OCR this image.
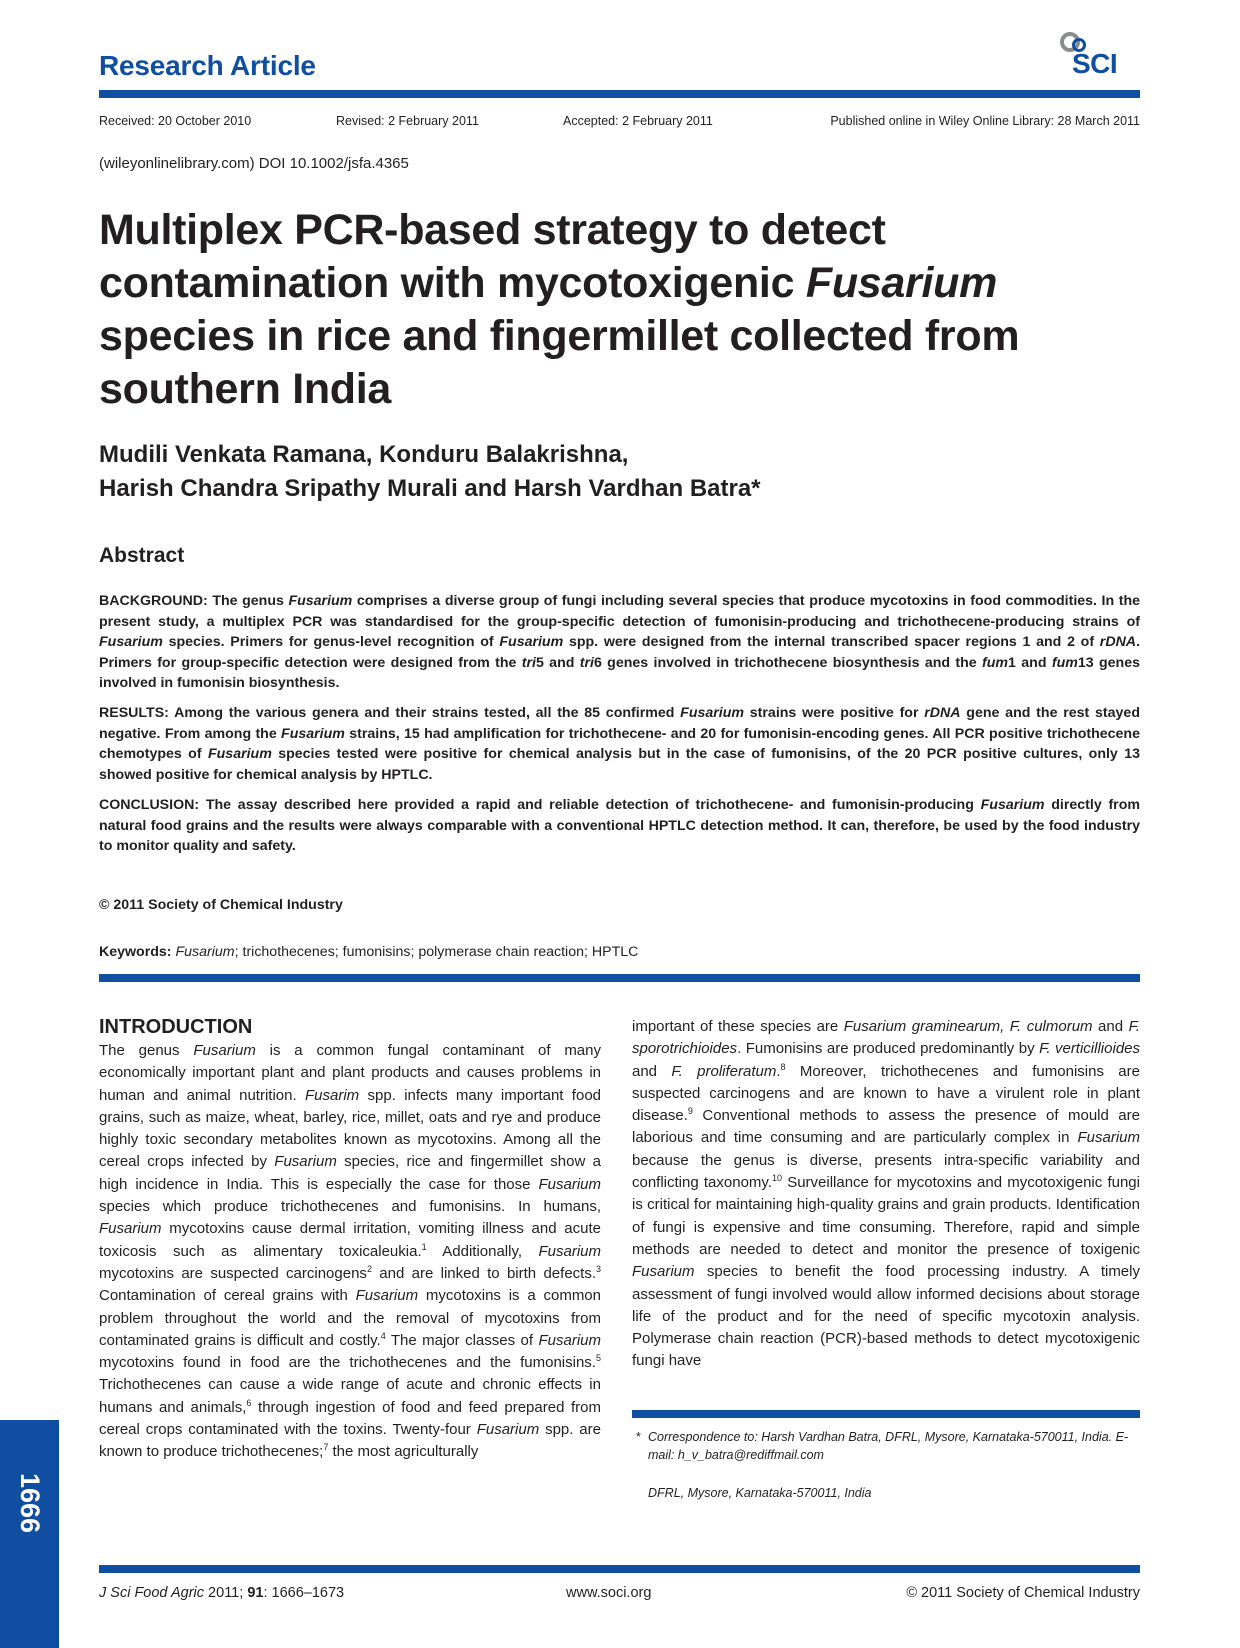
Research Article	SCI
Received: 20 October 2010	Revised: 2 February 2011	Accepted: 2 February 2011	Published online in Wiley Online Library: 28 March 2011
(wileyonlinelibrary.com) DOI 10.1002/jsfa.4365
Multiplex PCR-based strategy to detect contamination with mycotoxigenic Fusarium species in rice and fingermillet collected from southern India
Mudili Venkata Ramana, Konduru Balakrishna,
Harish Chandra Sripathy Murali and Harsh Vardhan Batra*
Abstract
BACKGROUND: The genus Fusarium comprises a diverse group of fungi including several species that produce mycotoxins in food commodities. In the present study, a multiplex PCR was standardised for the group-specific detection of fumonisin-producing and trichothecene-producing strains of Fusarium species. Primers for genus-level recognition of Fusarium spp. were designed from the internal transcribed spacer regions 1 and 2 of rDNA. Primers for group-specific detection were designed from the tri5 and tri6 genes involved in trichothecene biosynthesis and the fum1 and fum13 genes involved in fumonisin biosynthesis.
RESULTS: Among the various genera and their strains tested, all the 85 confirmed Fusarium strains were positive for rDNA gene and the rest stayed negative. From among the Fusarium strains, 15 had amplification for trichothecene- and 20 for fumonisin-encoding genes. All PCR positive trichothecene chemotypes of Fusarium species tested were positive for chemical analysis but in the case of fumonisins, of the 20 PCR positive cultures, only 13 showed positive for chemical analysis by HPTLC.
CONCLUSION: The assay described here provided a rapid and reliable detection of trichothecene- and fumonisin-producing Fusarium directly from natural food grains and the results were always comparable with a conventional HPTLC detection method. It can, therefore, be used by the food industry to monitor quality and safety.
© 2011 Society of Chemical Industry
Keywords: Fusarium; trichothecenes; fumonisins; polymerase chain reaction; HPTLC
INTRODUCTION
The genus Fusarium is a common fungal contaminant of many economically important plant and plant products and causes problems in human and animal nutrition. Fusarim spp. infects many important food grains, such as maize, wheat, barley, rice, millet, oats and rye and produce highly toxic secondary metabolites known as mycotoxins. Among all the cereal crops infected by Fusarium species, rice and fingermillet show a high incidence in India. This is especially the case for those Fusarium species which produce trichothecenes and fumonisins. In humans, Fusarium mycotoxins cause dermal irritation, vomiting illness and acute toxicosis such as alimentary toxicaleukia.$^1$ Additionally, Fusarium mycotoxins are suspected carcinogens$^2$ and are linked to birth defects.$^3$ Contamination of cereal grains with Fusarium mycotoxins is a common problem throughout the world and the removal of mycotoxins from contaminated grains is difficult and costly.$^4$ The major classes of Fusarium mycotoxins found in food are the trichothecenes and the fumonisins.$^5$ Trichothecenes can cause a wide range of acute and chronic effects in humans and animals,$^6$ through ingestion of food and feed prepared from cereal crops contaminated with the toxins. Twenty-four Fusarium spp. are known to produce trichothecenes;$^7$ the most agriculturally
important of these species are Fusarium graminearum, F. culmorum and F. sporotrichioides. Fumonisins are produced predominantly by F. verticillioides and F. proliferatum.$^8$ Moreover, trichothecenes and fumonisins are suspected carcinogens and are known to have a virulent role in plant disease.$^9$ Conventional methods to assess the presence of mould are laborious and time consuming and are particularly complex in Fusarium because the genus is diverse, presents intra-specific variability and conflicting taxonomy.$^{10}$ Surveillance for mycotoxins and mycotoxigenic fungi is critical for maintaining high-quality grains and grain products. Identification of fungi is expensive and time consuming. Therefore, rapid and simple methods are needed to detect and monitor the presence of toxigenic Fusarium species to benefit the food processing industry. A timely assessment of fungi involved would allow informed decisions about storage life of the product and for the need of specific mycotoxin analysis. Polymerase chain reaction (PCR)-based methods to detect mycotoxigenic fungi have
* Correspondence to: Harsh Vardhan Batra, DFRL, Mysore, Karnataka-570011, India. E-mail: h_v_batra@rediffmail.com
DFRL, Mysore, Karnataka-570011, India
1666
J Sci Food Agric 2011; 91: 1666–1673	www.soci.org	© 2011 Society of Chemical Industry
